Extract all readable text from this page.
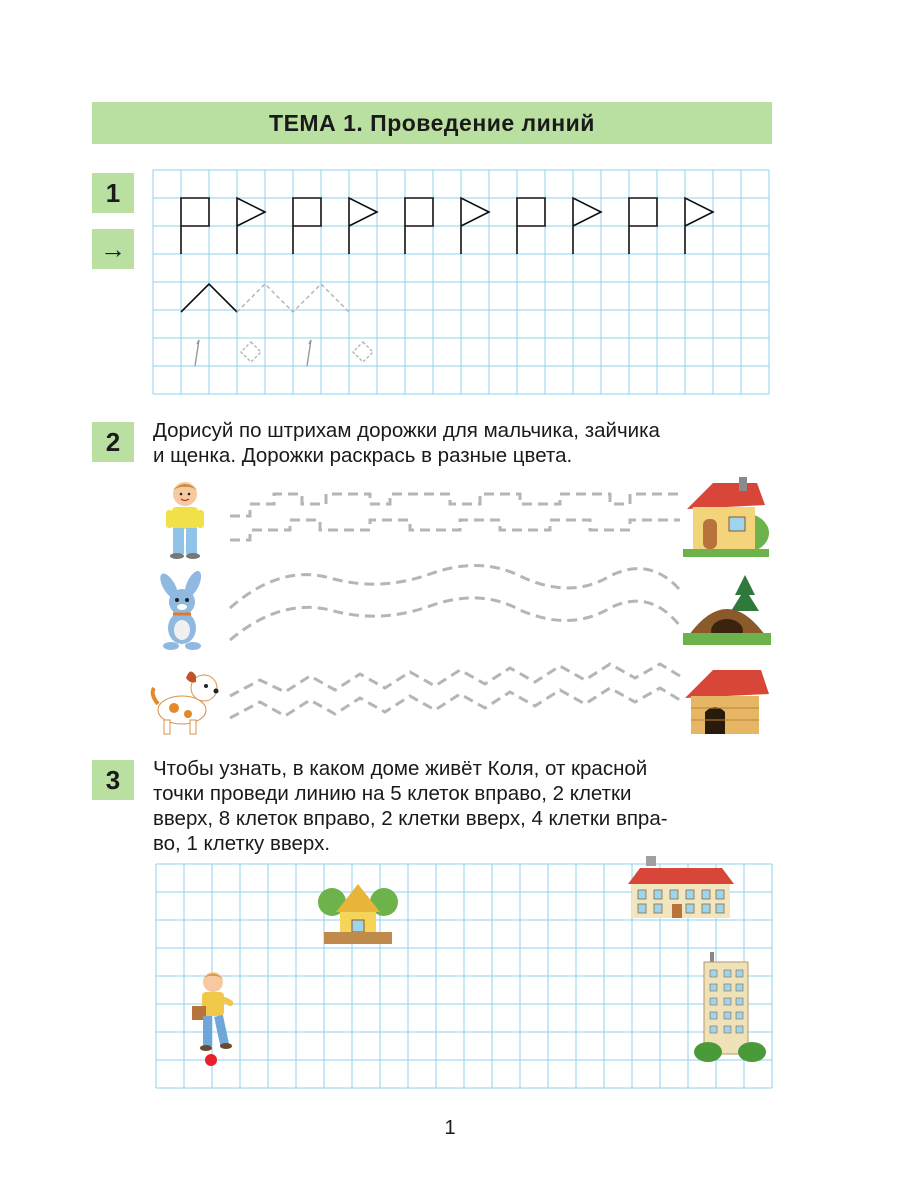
ТЕМА 1. Проведение линий
1
→
2 Дорисуй по штрихам дорожки для мальчика, зайчика

и щенка. Дорожки раскрась в разные цвета.

3 Чтобы узнать, в каком доме живёт Коля, от красной

точки проведи линию на 5 клеток вправо, 2 клетки

вверх, 8 клеток вправо, 2 клетки вверх, 4 клетки впра-

во, 1 клетку вверх.

1
